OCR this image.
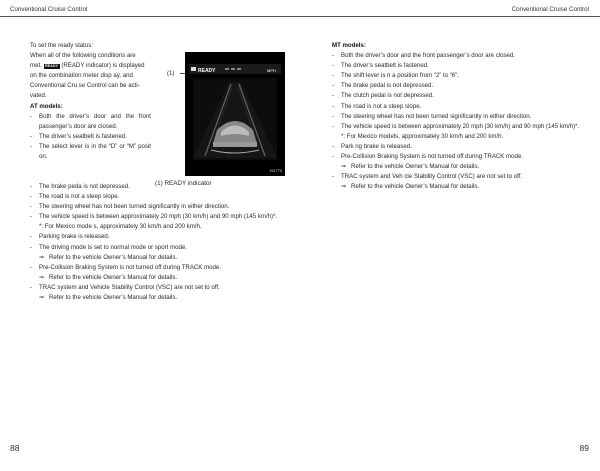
Conventional Cruise Control

To set the ready status:

When all of the following conditions are

met, READY (READY indicator) is displayed

on the combination meter disp ay, and

Conventional Cru se Control can be acti-

vated.

AT models:

-	Both the driver’s door and the front passenger’s door are closed.
-	The driver’s seatbelt is fastened.
-	The select lever is in the “D” or “M” posit on.
-	The brake peda is not depressed.
-	The road is not a steep slope.
-	The steering wheel has not been turned significantly in either direction.
-	The vehicle speed is between approximately 20 mph (30 km/h) and 90 mph (145 km/h)*.
*: For Mexico mode s, approximately 30 km/h and 200 km/h.
-	Parking brake is released.
-	The driving mode is set to normal mode or sport mode.
⇒ Refer to the vehicle Owner’s Manual for details.
-	Pre-Collision Braking System is not turned off during TRACK mode.
⇒ Refer to the vehicle Owner’s Manual for details.
-	TRAC system and Vehicle Stability Control (VSC) are not set to off.
⇒ Refer to the vehicle Owner’s Manual for details.
(1)	READY	MPH
HI1770
(1) READY indicator
88
Conventional Cruise Control

MT models:

-	Both the driver’s door and the front passenger’s door are closed.
-	The driver’s seatbelt is fastened.
-	The shift lever is n a position from “2” to “6”.
-	The brake pedal is not depressed.
-	The clutch pedal is not depressed.
-	The road is not a steep slope.
-	The steering wheel has not been turned significantly in either direction.
-	The vehicle speed is between approximately 20 mph (30 km/h) and 90 mph (145 km/h)*.
*: For Mexico models, approximately 30 km/h and 200 km/h.
-	Park ng brake is released.
-	Pre-Collision Braking System is not turned off during TRACK mode.
⇒ Refer to the vehicle Owner’s Manual for details.
-	TRAC system and Veh cle Stability Control (VSC) are not set to off.
⇒ Refer to the vehicle Owner’s Manual for details.
89
